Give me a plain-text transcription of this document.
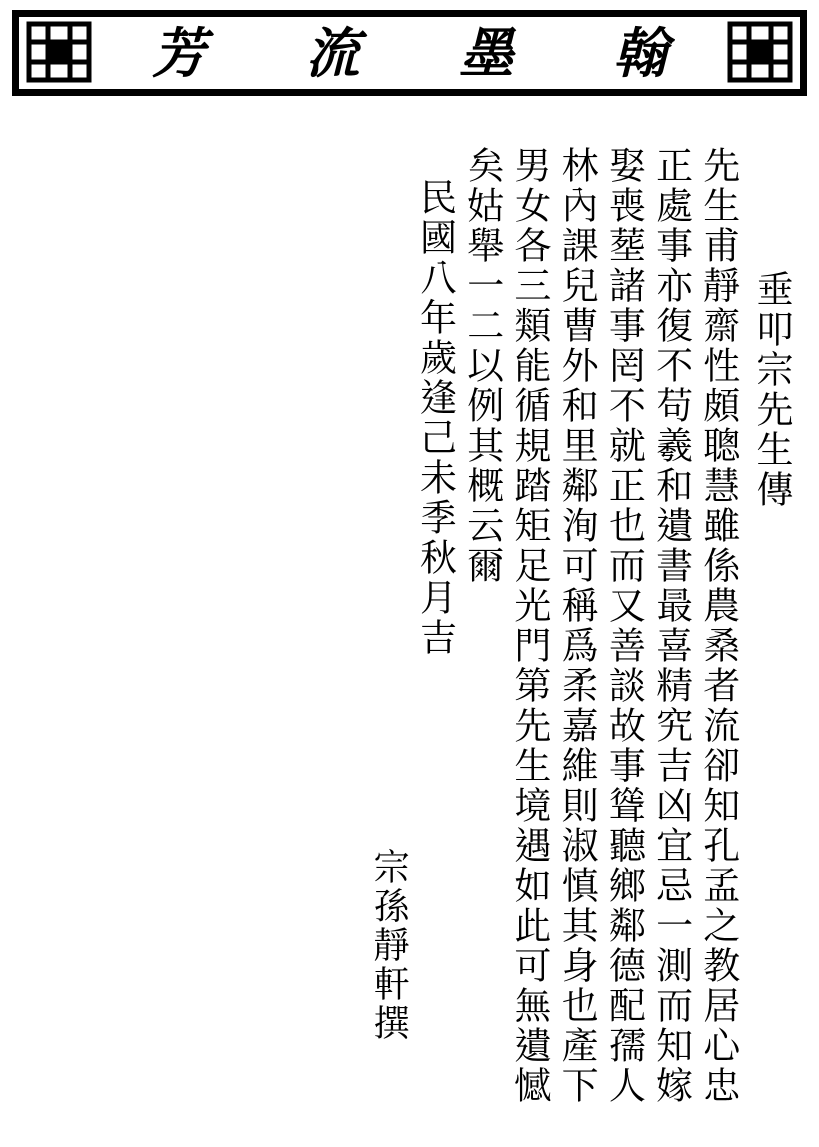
芳 流 墨 翰
垂叩宗先生傳
先生甫靜齋性頗聰慧雖係農桑者流卻知孔孟之教居心忠
正處事亦復不苟羲和遺書最喜精究吉凶宜忌一測而知嫁
娶喪塟諸事罔不就正也而又善談故事聳聽鄉鄰德配孺人
林內課兒曹外和里鄰洵可稱爲柔嘉維則淑慎其身也產下
男女各三類能循規踏矩足光門第先生境遇如此可無遺憾
矣姑舉一二以例其概云爾
民國八年歲逢己未季秋月吉
宗孫靜軒撰
